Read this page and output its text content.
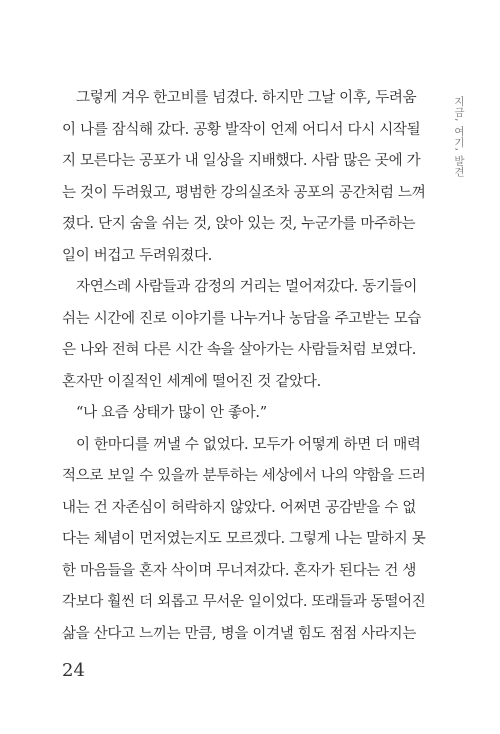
지금, 여기, 발견
그렇게 겨우 한고비를 넘겼다. 하지만 그날 이후, 두려움
이 나를 잠식해 갔다. 공황 발작이 언제 어디서 다시 시작될
지 모른다는 공포가 내 일상을 지배했다. 사람 많은 곳에 가
는 것이 두려웠고, 평범한 강의실조차 공포의 공간처럼 느껴
졌다. 단지 숨을 쉬는 것, 앉아 있는 것, 누군가를 마주하는
일이 버겁고 두려워졌다.
자연스레 사람들과 감정의 거리는 멀어져갔다. 동기들이
쉬는 시간에 진로 이야기를 나누거나 농담을 주고받는 모습
은 나와 전혀 다른 시간 속을 살아가는 사람들처럼 보였다.
혼자만 이질적인 세계에 떨어진 것 같았다.
“나 요즘 상태가 많이 안 좋아.”
이 한마디를 꺼낼 수 없었다. 모두가 어떻게 하면 더 매력
적으로 보일 수 있을까 분투하는 세상에서 나의 약함을 드러
내는 건 자존심이 허락하지 않았다. 어쩌면 공감받을 수 없
다는 체념이 먼저였는지도 모르겠다. 그렇게 나는 말하지 못
한 마음들을 혼자 삭이며 무너져갔다. 혼자가 된다는 건 생
각보다 훨씬 더 외롭고 무서운 일이었다. 또래들과 동떨어진
삶을 산다고 느끼는 만큼, 병을 이겨낼 힘도 점점 사라지는
24
